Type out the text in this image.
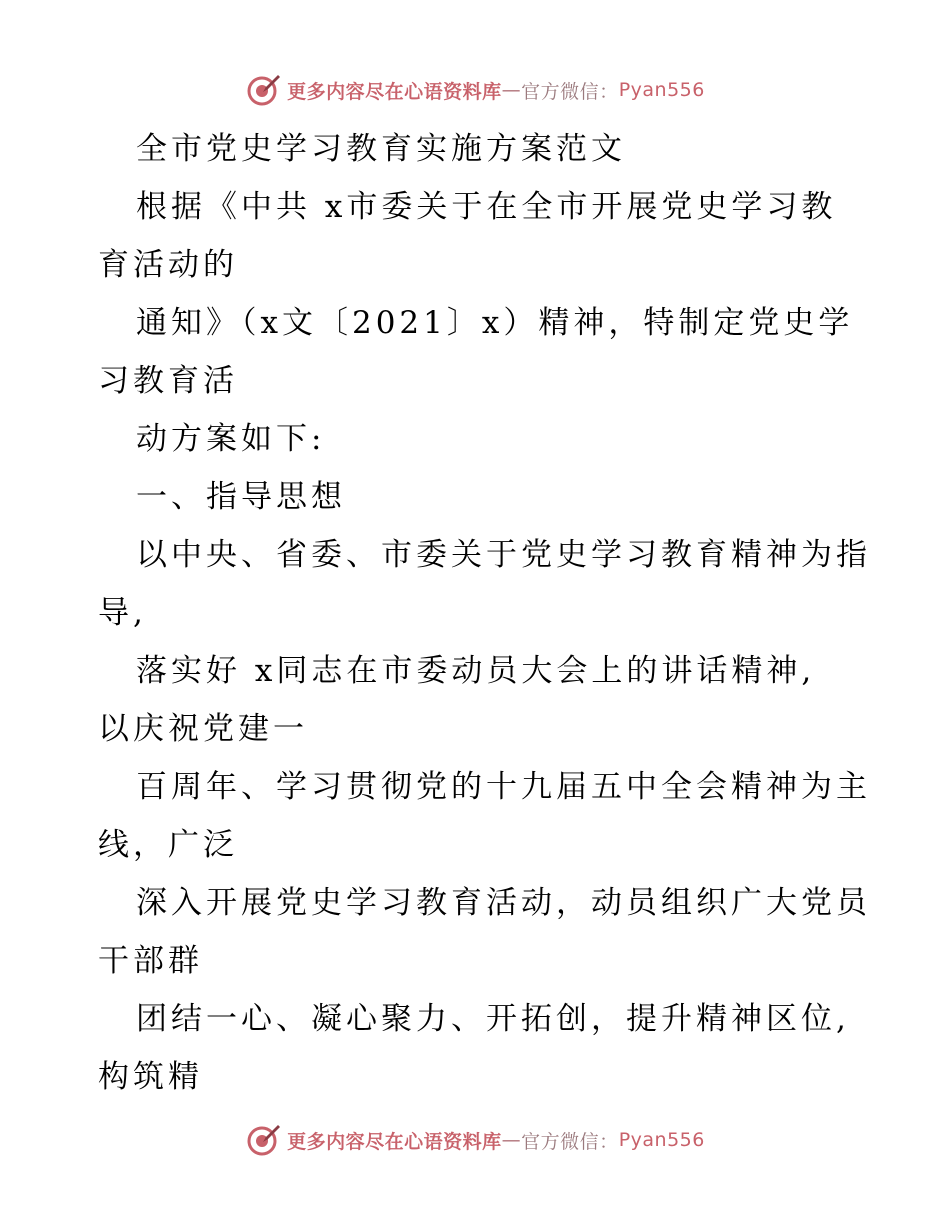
更多内容尽在心语资料库 — 官方微信： Pyan556
全市党史学习教育实施方案范文
根据《中共 x市委关于在全市开展党史学习教
育活动的
通知》（x文〔2021〕x）精神，特制定党史学
习教育活
动方案如下:
一、指导思想
以中央、省委、市委关于党史学习教育精神为指
导,
落实好 x同志在市委动员大会上的讲话精神,
以庆祝党建一
百周年、学习贯彻党的十九届五中全会精神为主
线，广泛
深入开展党史学习教育活动，动员组织广大党员
干部群
团结一心、凝心聚力、开拓创，提升精神区位,
构筑精
更多内容尽在心语资料库 — 官方微信： Pyan556
